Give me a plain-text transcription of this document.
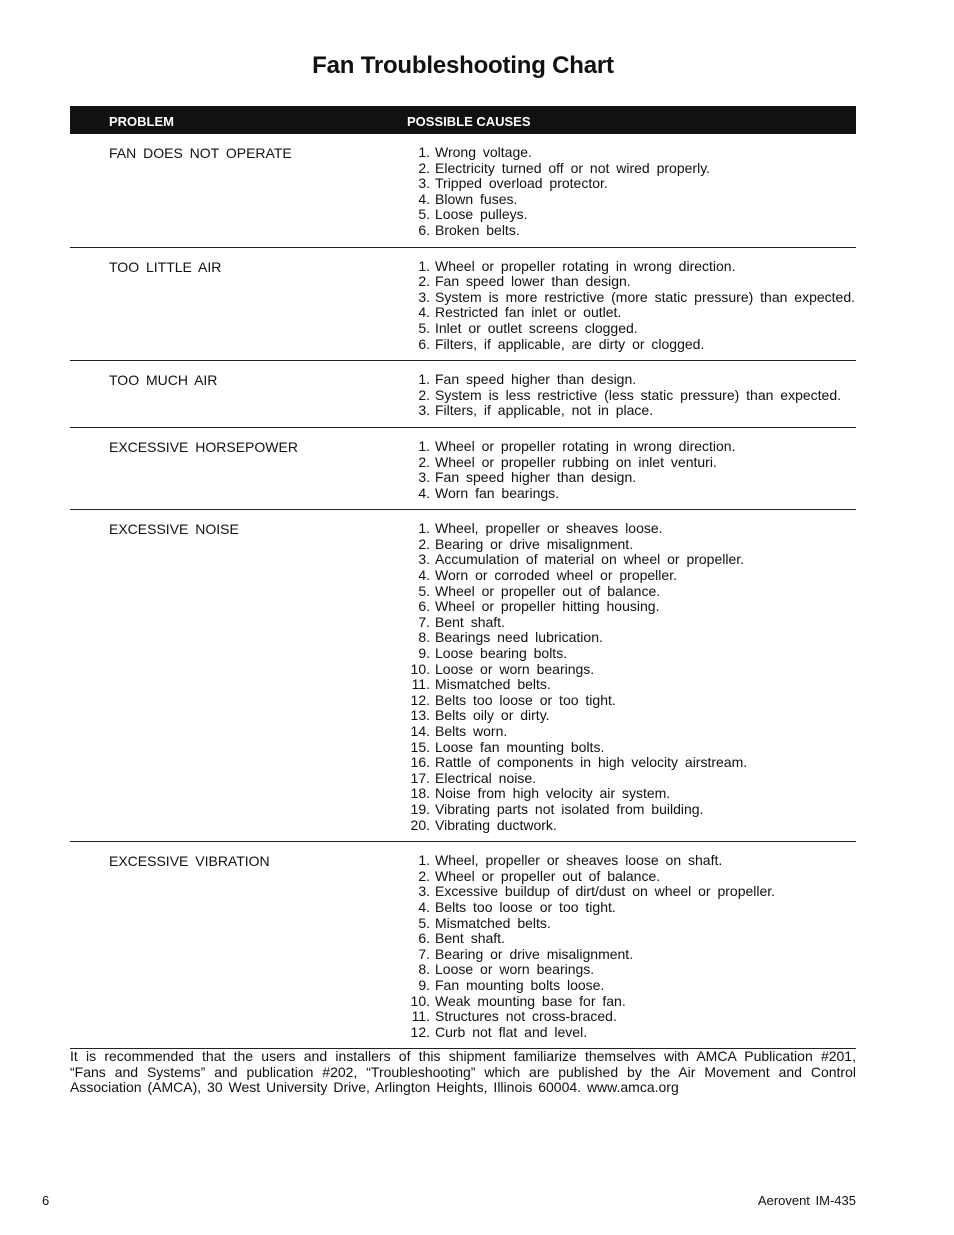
Fan Troubleshooting Chart
PROBLEM	POSSIBLE CAUSES
FAN DOES NOT OPERATE	1. Wrong voltage.
2. Electricity turned off or not wired properly.
3. Tripped overload protector.
4. Blown fuses.
5. Loose pulleys.
6. Broken belts.
TOO LITTLE AIR	1. Wheel or propeller rotating in wrong direction.
2. Fan speed lower than design.
3. System is more restrictive (more static pressure) than expected.
4. Restricted fan inlet or outlet.
5. Inlet or outlet screens clogged.
6. Filters, if applicable, are dirty or clogged.
TOO MUCH AIR	1. Fan speed higher than design.
2. System is less restrictive (less static pressure) than expected.
3. Filters, if applicable, not in place.
EXCESSIVE HORSEPOWER	1. Wheel or propeller rotating in wrong direction.
2. Wheel or propeller rubbing on inlet venturi.
3. Fan speed higher than design.
4. Worn fan bearings.
EXCESSIVE NOISE	1. Wheel, propeller or sheaves loose.
2. Bearing or drive misalignment.
3. Accumulation of material on wheel or propeller.
4. Worn or corroded wheel or propeller.
5. Wheel or propeller out of balance.
6. Wheel or propeller hitting housing.
7. Bent shaft.
8. Bearings need lubrication.
9. Loose bearing bolts.
10. Loose or worn bearings.
11. Mismatched belts.
12. Belts too loose or too tight.
13. Belts oily or dirty.
14. Belts worn.
15. Loose fan mounting bolts.
16. Rattle of components in high velocity airstream.
17. Electrical noise.
18. Noise from high velocity air system.
19. Vibrating parts not isolated from building.
20. Vibrating ductwork.
EXCESSIVE VIBRATION	1. Wheel, propeller or sheaves loose on shaft.
2. Wheel or propeller out of balance.
3. Excessive buildup of dirt/dust on wheel or propeller.
4. Belts too loose or too tight.
5. Mismatched belts.
6. Bent shaft.
7. Bearing or drive misalignment.
8. Loose or worn bearings.
9. Fan mounting bolts loose.
10. Weak mounting base for fan.
11. Structures not cross-braced.
12. Curb not flat and level.

It is recommended that the users and installers of this shipment familiarize themselves with AMCA Publication #201, “Fans and Systems” and publication #202, “Troubleshooting” which are published by the Air Movement and Control Association (AMCA), 30 West University Drive, Arlington Heights, Illinois 60004. www.amca.org

6	Aerovent IM-435
